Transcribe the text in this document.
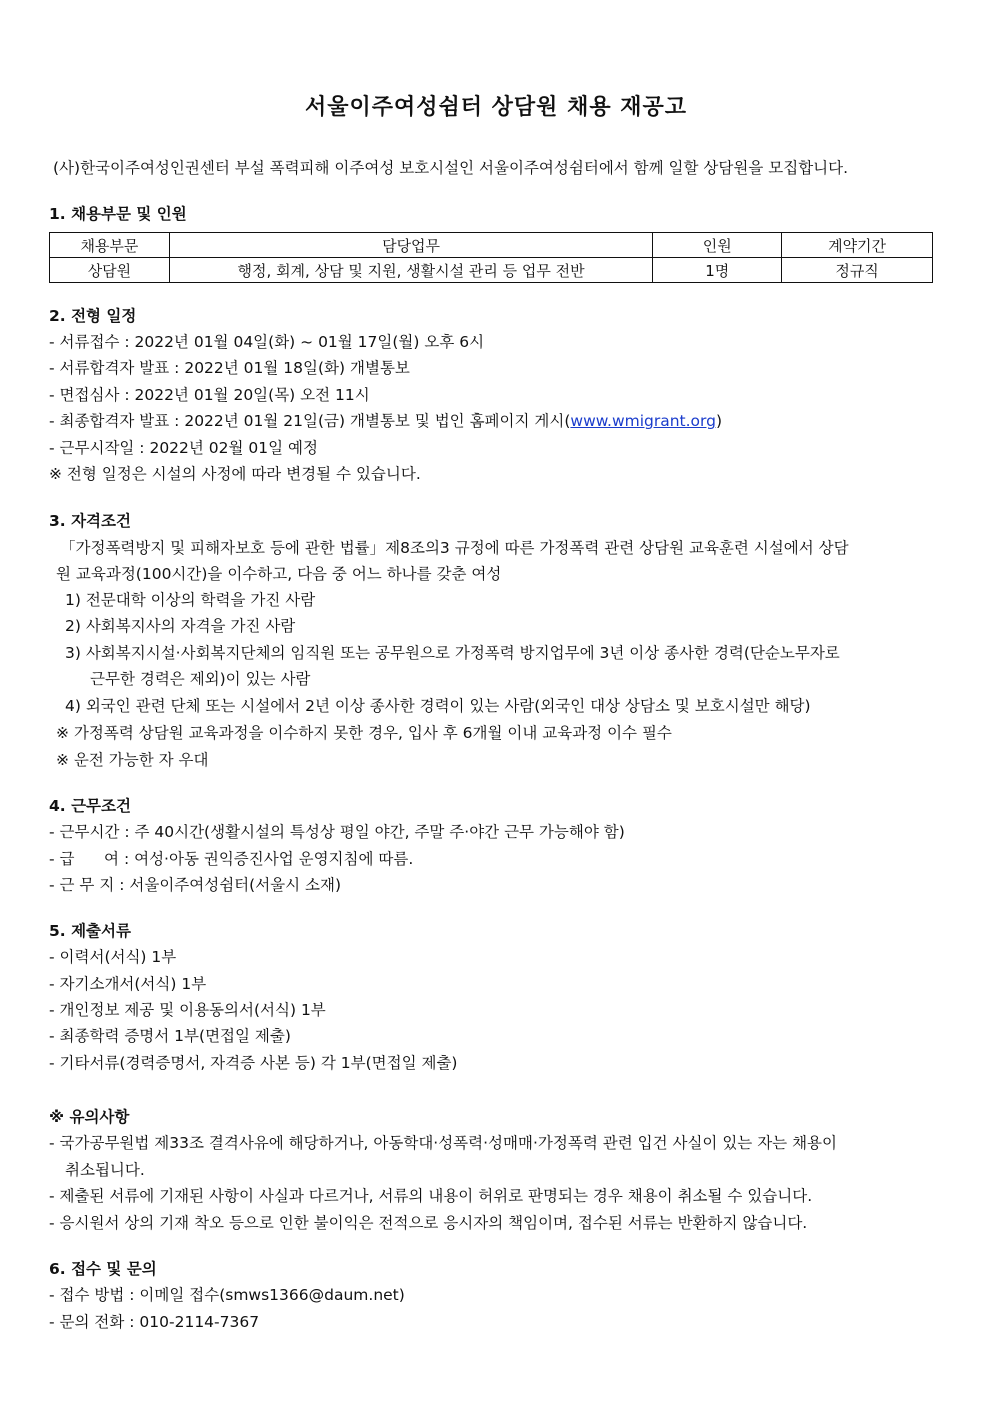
서울이주여성쉼터 상담원 채용 재공고
(사)한국이주여성인권센터 부설 폭력피해 이주여성 보호시설인 서울이주여성쉼터에서 함께 일할 상담원을 모집합니다.
1. 채용부문 및 인원
채용부문	담당업무	인원	계약기간
상담원	행정, 회계, 상담 및 지원, 생활시설 관리 등 업무 전반	1명	정규직
2. 전형 일정
- 서류접수 : 2022년 01월 04일(화) ~ 01월 17일(월) 오후 6시
- 서류합격자 발표 : 2022년 01월 18일(화) 개별통보
- 면접심사 : 2022년 01월 20일(목) 오전 11시
- 최종합격자 발표 : 2022년 01월 21일(금) 개별통보 및 법인 홈페이지 게시(www.wmigrant.org)
- 근무시작일 : 2022년 02월 01일 예정
※ 전형 일정은 시설의 사정에 따라 변경될 수 있습니다.
3. 자격조건
「가정폭력방지 및 피해자보호 등에 관한 법률」제8조의3 규정에 따른 가정폭력 관련 상담원 교육훈련 시설에서 상담
원 교육과정(100시간)을 이수하고, 다음 중 어느 하나를 갖춘 여성
1) 전문대학 이상의 학력을 가진 사람
2) 사회복지사의 자격을 가진 사람
3) 사회복지시설·사회복지단체의 임직원 또는 공무원으로 가정폭력 방지업무에 3년 이상 종사한 경력(단순노무자로
근무한 경력은 제외)이 있는 사람
4) 외국인 관련 단체 또는 시설에서 2년 이상 종사한 경력이 있는 사람(외국인 대상 상담소 및 보호시설만 해당)
※ 가정폭력 상담원 교육과정을 이수하지 못한 경우, 입사 후 6개월 이내 교육과정 이수 필수
※ 운전 가능한 자 우대
4. 근무조건
- 근무시간 : 주 40시간(생활시설의 특성상 평일 야간, 주말 주·야간 근무 가능해야 함)
- 급      여 : 여성·아동 권익증진사업 운영지침에 따름.
- 근 무 지 : 서울이주여성쉼터(서울시 소재)
5. 제출서류
- 이력서(서식) 1부
- 자기소개서(서식) 1부
- 개인정보 제공 및 이용동의서(서식) 1부
- 최종학력 증명서 1부(면접일 제출)
- 기타서류(경력증명서, 자격증 사본 등) 각 1부(면접일 제출)
※ 유의사항
- 국가공무원법 제33조 결격사유에 해당하거나, 아동학대·성폭력·성매매·가정폭력 관련 입건 사실이 있는 자는 채용이
취소됩니다.
- 제출된 서류에 기재된 사항이 사실과 다르거나, 서류의 내용이 허위로 판명되는 경우 채용이 취소될 수 있습니다.
- 응시원서 상의 기재 착오 등으로 인한 불이익은 전적으로 응시자의 책임이며, 접수된 서류는 반환하지 않습니다.
6. 접수 및 문의
- 접수 방법 : 이메일 접수(smws1366@daum.net)
- 문의 전화 : 010-2114-7367
